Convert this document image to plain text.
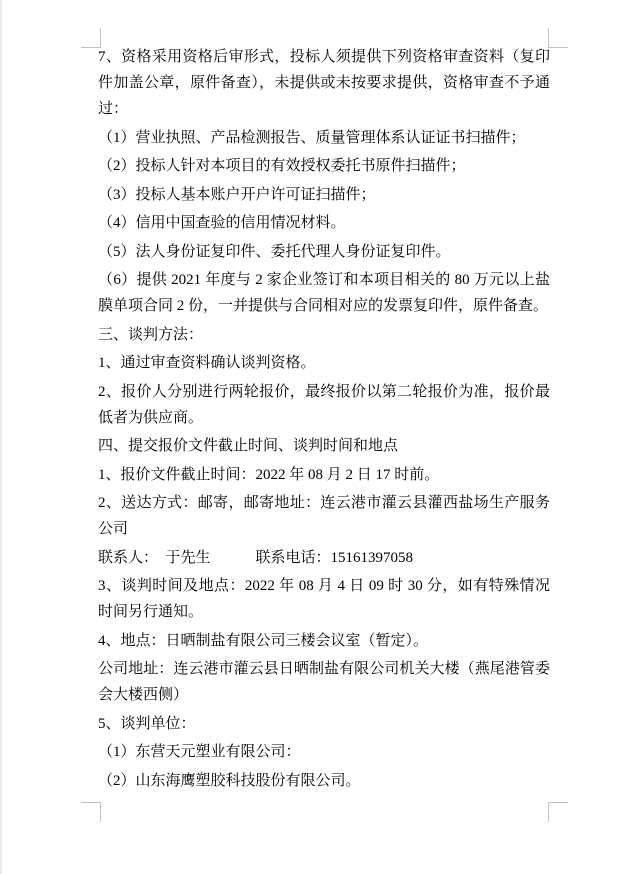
7、资格采用资格后审形式，投标人须提供下列资格审查资料（复印件加盖公章，原件备查），未提供或未按要求提供，资格审查不予通过：

（1）营业执照、产品检测报告、质量管理体系认证证书扫描件；

（2）投标人针对本项目的有效授权委托书原件扫描件；

（3）投标人基本账户开户许可证扫描件；

（4）信用中国查验的信用情况材料。

（5）法人身份证复印件、委托代理人身份证复印件。

（6）提供 2021 年度与 2 家企业签订和本项目相关的 80 万元以上盐膜单项合同 2 份，一并提供与合同相对应的发票复印件，原件备查。

三、谈判方法：

1、通过审查资料确认谈判资格。

2、报价人分别进行两轮报价，最终报价以第二轮报价为准，报价最低者为供应商。

四、提交报价文件截止时间、谈判时间和地点

1、报价文件截止时间：2022 年 08 月 2 日 17 时前。

2、送达方式：邮寄，邮寄地址：连云港市灌云县灌西盐场生产服务公司

联系人：　于先生　　　联系电话：15161397058

3、谈判时间及地点：2022 年 08 月 4 日 09 时 30 分，如有特殊情况时间另行通知。

4、地点：日晒制盐有限公司三楼会议室（暂定）。

公司地址：连云港市灌云县日晒制盐有限公司机关大楼（燕尾港管委会大楼西侧）

5、谈判单位：

（1）东营天元塑业有限公司：

（2）山东海鹰塑胶科技股份有限公司。
